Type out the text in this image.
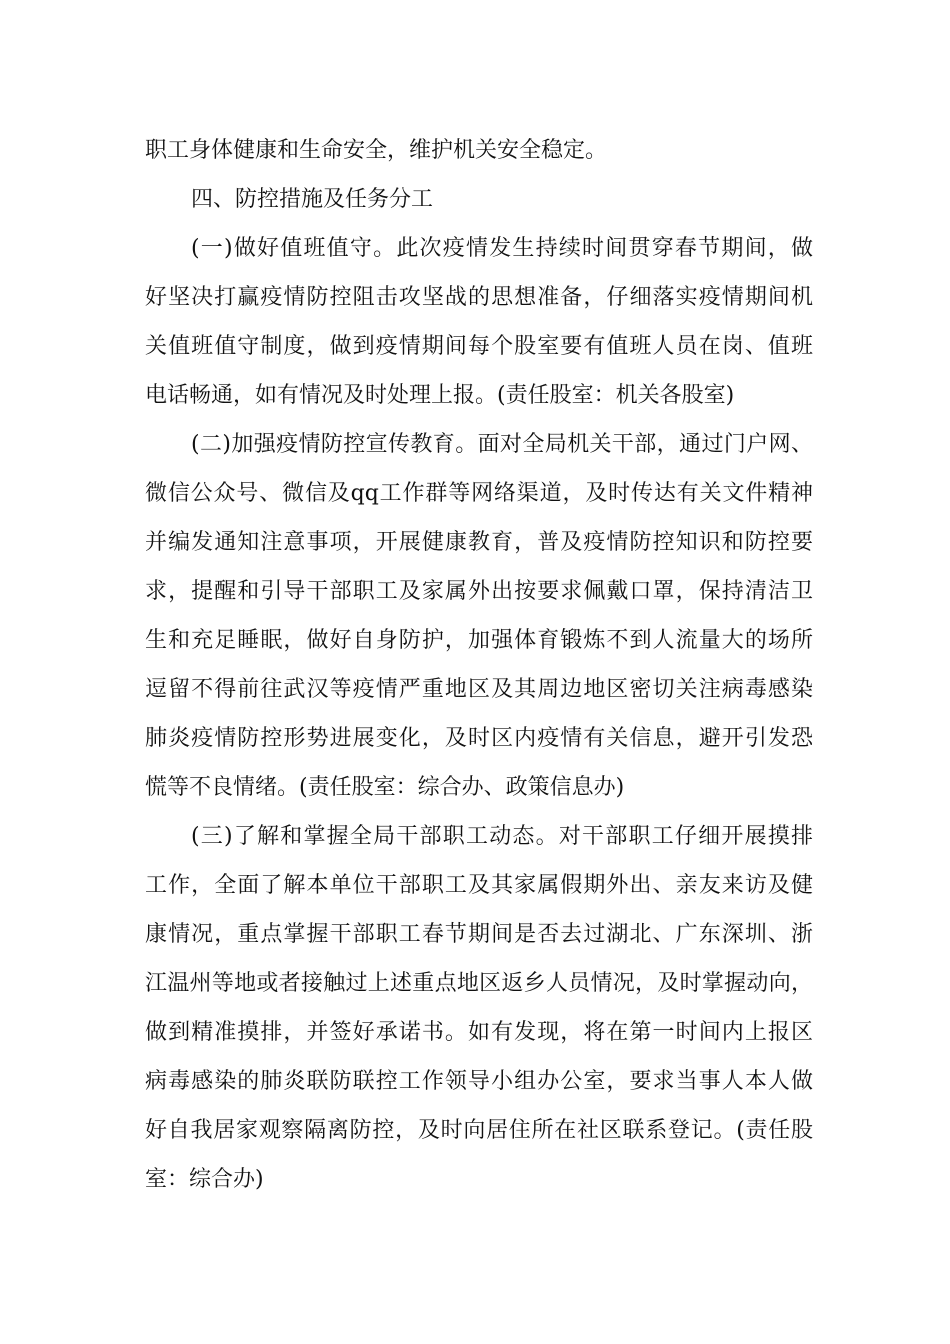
职工身体健康和生命安全，维护机关安全稳定。
四、防控措施及任务分工
(一)做好值班值守。此次疫情发生持续时间贯穿春节期间，做
好坚决打赢疫情防控阻击攻坚战的思想准备，仔细落实疫情期间机
关值班值守制度，做到疫情期间每个股室要有值班人员在岗、值班
电话畅通，如有情况及时处理上报。(责任股室：机关各股室)
(二)加强疫情防控宣传教育。面对全局机关干部，通过门户网、
微信公众号、微信及qq工作群等网络渠道，及时传达有关文件精神
并编发通知注意事项，开展健康教育，普及疫情防控知识和防控要
求，提醒和引导干部职工及家属外出按要求佩戴口罩，保持清洁卫
生和充足睡眠，做好自身防护，加强体育锻炼不到人流量大的场所
逗留不得前往武汉等疫情严重地区及其周边地区密切关注病毒感染
肺炎疫情防控形势进展变化，及时区内疫情有关信息，避开引发恐
慌等不良情绪。(责任股室：综合办、政策信息办)
(三)了解和掌握全局干部职工动态。对干部职工仔细开展摸排
工作，全面了解本单位干部职工及其家属假期外出、亲友来访及健
康情况，重点掌握干部职工春节期间是否去过湖北、广东深圳、浙
江温州等地或者接触过上述重点地区返乡人员情况，及时掌握动向，
做到精准摸排，并签好承诺书。如有发现，将在第一时间内上报区
病毒感染的肺炎联防联控工作领导小组办公室，要求当事人本人做
好自我居家观察隔离防控，及时向居住所在社区联系登记。(责任股
室：综合办)
